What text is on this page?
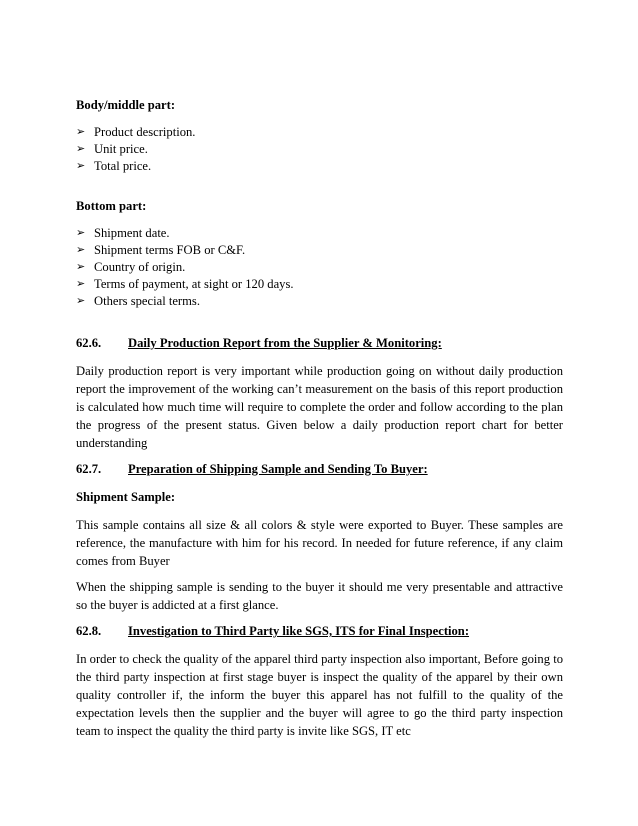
Body/middle part:

➢ Product description.
➢ Unit price.
➢ Total price.

Bottom part:

➢ Shipment date.
➢ Shipment terms FOB or C&F.
➢ Country of origin.
➢ Terms of payment, at sight or 120 days.
➢ Others special terms.

62.6. Daily Production Report from the Supplier & Monitoring:

Daily production report is very important while production going on without daily production report the improvement of the working can’t measurement on the basis of this report production is calculated how much time will require to complete the order and follow according to the plan the progress of the present status. Given below a daily production report chart for better understanding

62.7. Preparation of Shipping Sample and Sending To Buyer:

Shipment Sample:

This sample contains all size & all colors & style were exported to Buyer. These samples are reference, the manufacture with him for his record. In needed for future reference, if any claim comes from Buyer

When the shipping sample is sending to the buyer it should me very presentable and attractive so the buyer is addicted at a first glance.

62.8. Investigation to Third Party like SGS, ITS for Final Inspection:

In order to check the quality of the apparel third party inspection also important, Before going to the third party inspection at first stage buyer is inspect the quality of the apparel by their own quality controller if, the inform the buyer this apparel has not fulfill to the quality of the expectation levels then the supplier and the buyer will agree to go the third party inspection team to inspect the quality the third party is invite like SGS, IT etc
